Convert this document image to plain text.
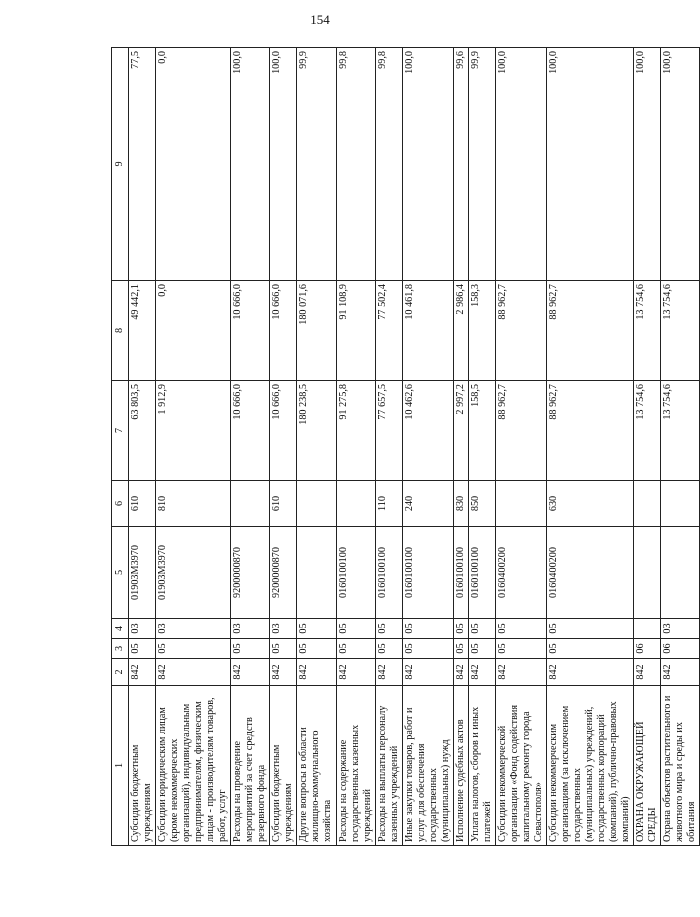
154
1	2	3	4	5	6	7	8	9
Субсидии бюджетным учреждениям	842	05	03	01903М3970	610	63 803,5	49 442,1	77,5
Субсидии юридическим лицам (кроме некоммерческих организаций), индивидуальным предпринимателям, физическим лицам - производителям товаров, работ, услуг	842	05	03	01903М3970	810	1 912,9	0,0	0,0
Расходы на проведение мероприятий за счет средств резервного фонда	842	05	03	9200000870		10 666,0	10 666,0	100,0
Субсидии бюджетным учреждениям	842	05	03	9200000870	610	10 666,0	10 666,0	100,0
Другие вопросы в области жилищно-коммунального хозяйства	842	05	05			180 238,5	180 071,6	99,9
Расходы на содержание государственных казенных учреждений	842	05	05	0160100100		91 275,8	91 108,9	99,8
Расходы на выплаты персоналу казенных учреждений	842	05	05	0160100100	110	77 657,5	77 502,4	99,8
Иные закупки товаров, работ и услуг для обеспечения государственных (муниципальных) нужд	842	05	05	0160100100	240	10 462,6	10 461,8	100,0
Исполнение судебных актов	842	05	05	0160100100	830	2 997,2	2 986,4	99,6
Уплата налогов, сборов и иных платежей	842	05	05	0160100100	850	158,5	158,3	99,9
Субсидии некоммерческой организации «Фонд содействия капитальному ремонту города Севастополя»	842	05	05	0160400200		88 962,7	88 962,7	100,0
Субсидии некоммерческим организациям (за исключением государственных (муниципальных) учреждений, государственных корпораций (компаний), публично-правовых компаний)	842	05	05	0160400200	630	88 962,7	88 962,7	100,0
ОХРАНА ОКРУЖАЮЩЕЙ СРЕДЫ	842	06				13 754,6	13 754,6	100,0
Охрана объектов растительного и животного мира и среды их обитания	842	06	03			13 754,6	13 754,6	100,0
